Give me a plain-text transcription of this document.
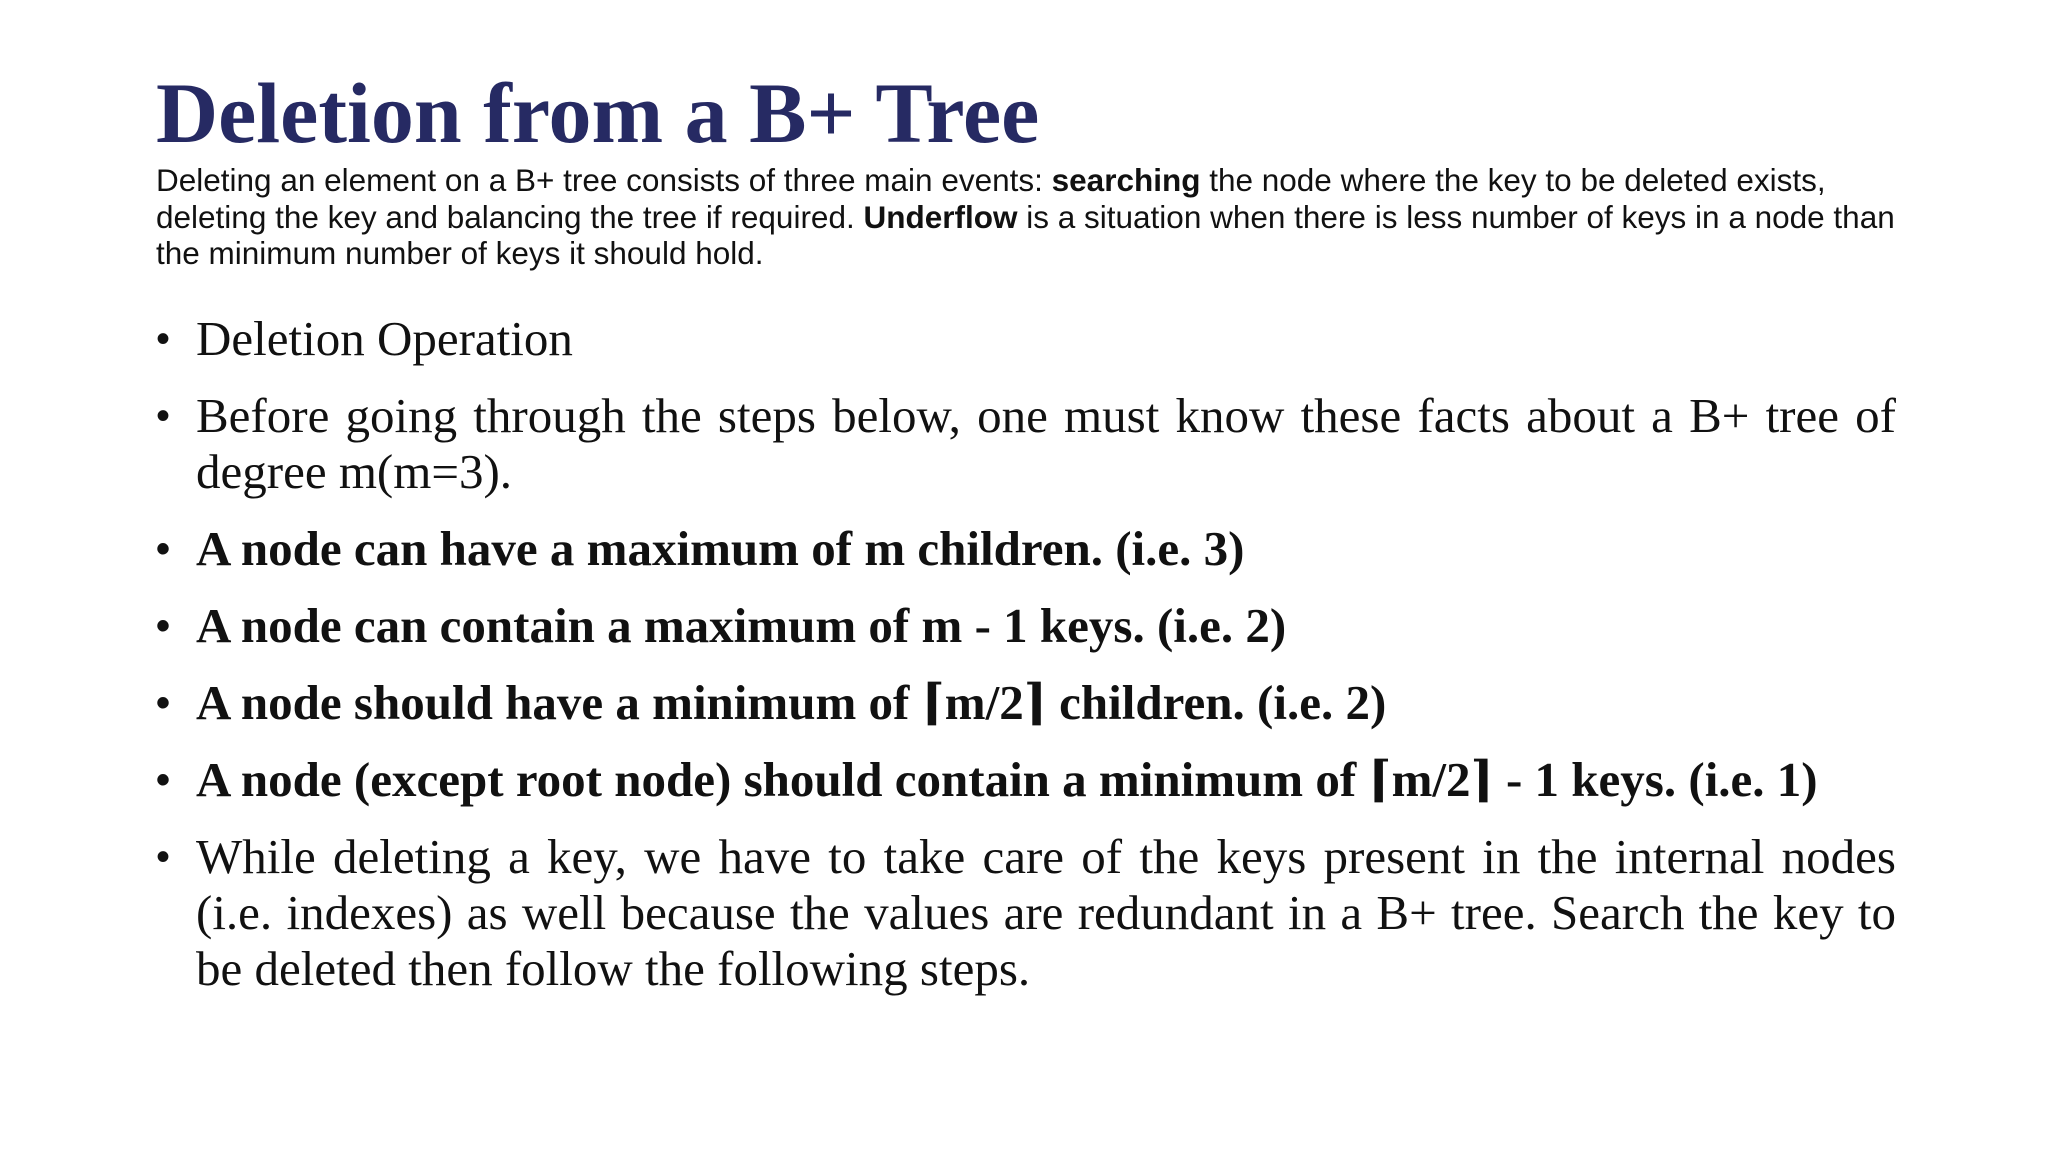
Deletion from a B+ Tree

Deleting an element on a B+ tree consists of three main events: searching the node where the key to be deleted exists, deleting the key and balancing the tree if required. Underflow is a situation when there is less number of keys in a node than the minimum number of keys it should hold.

• Deletion Operation
• Before going through the steps below, one must know these facts about a B+ tree of degree m(m=3).
• A node can have a maximum of m children. (i.e. 3)
• A node can contain a maximum of m - 1 keys. (i.e. 2)
• A node should have a minimum of ⌈m/2⌉ children. (i.e. 2)
• A node (except root node) should contain a minimum of ⌈m/2⌉ - 1 keys. (i.e. 1)
• While deleting a key, we have to take care of the keys present in the internal nodes (i.e. indexes) as well because the values are redundant in a B+ tree. Search the key to be deleted then follow the following steps.
